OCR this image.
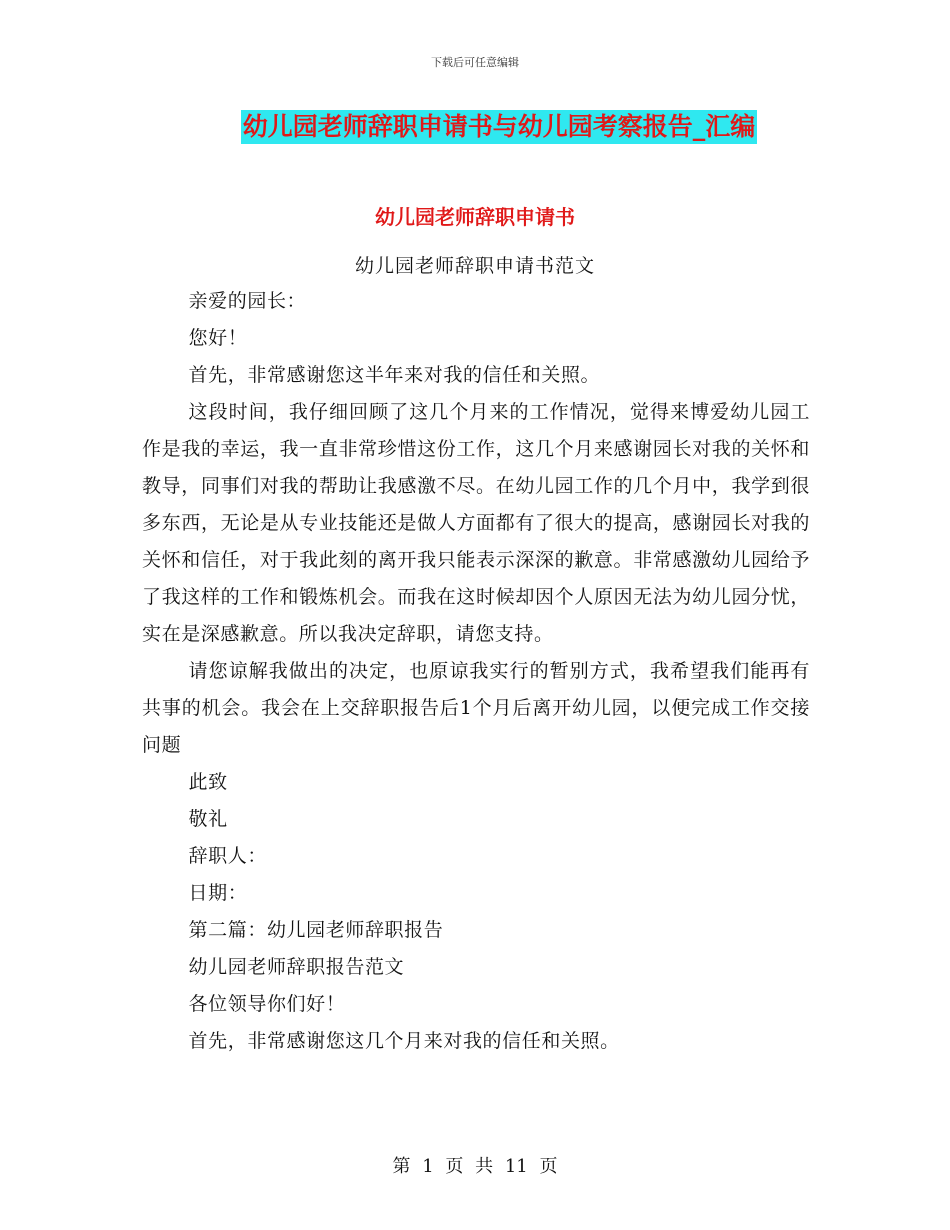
下载后可任意编辑
幼儿园老师辞职申请书与幼儿园考察报告_汇编
幼儿园老师辞职申请书
幼儿园老师辞职申请书范文

亲爱的园长：

您好！

首先，非常感谢您这半年来对我的信任和关照。

这段时间，我仔细回顾了这几个月来的工作情况，觉得来博爱幼儿园工作是我的幸运，我一直非常珍惜这份工作，这几个月来感谢园长对我的关怀和教导，同事们对我的帮助让我感激不尽。在幼儿园工作的几个月中，我学到很多东西，无论是从专业技能还是做人方面都有了很大的提高，感谢园长对我的关怀和信任，对于我此刻的离开我只能表示深深的歉意。非常感激幼儿园给予了我这样的工作和锻炼机会。而我在这时候却因个人原因无法为幼儿园分忧，实在是深感歉意。所以我决定辞职，请您支持。

请您谅解我做出的决定，也原谅我实行的暂别方式，我希望我们能再有共事的机会。我会在上交辞职报告后1个月后离开幼儿园，以便完成工作交接问题

此致

敬礼

辞职人：

日期：

第二篇：幼儿园老师辞职报告

幼儿园老师辞职报告范文

各位领导你们好！

首先，非常感谢您这几个月来对我的信任和关照。

第 1 页 共 11 页
